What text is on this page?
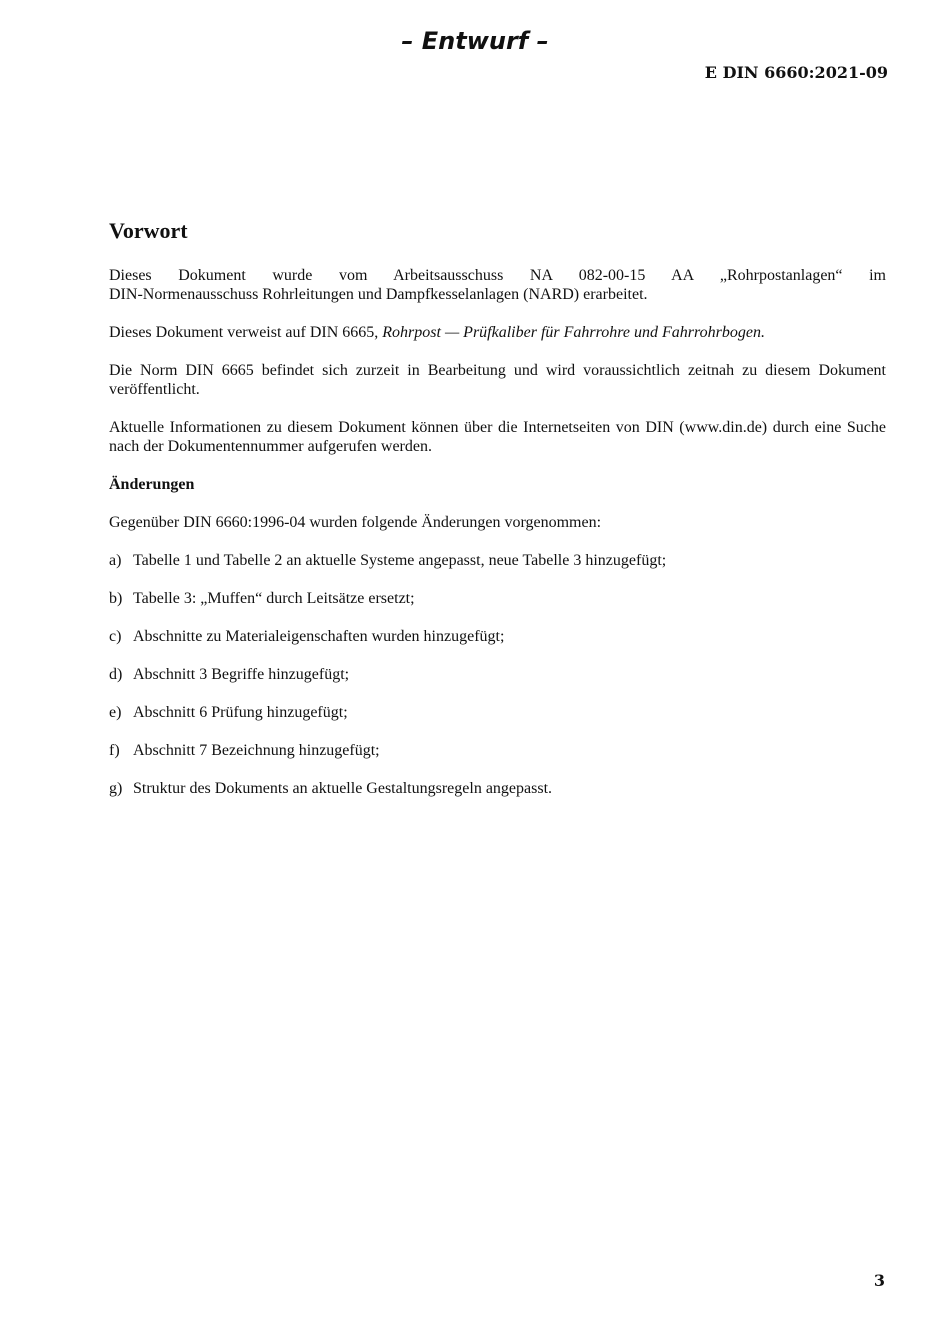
– Entwurf –
E DIN 6660:2021-09
Vorwort
Dieses Dokument wurde vom Arbeitsausschuss NA 082-00-15 AA „Rohrpostanlagen“ im
DIN-Normenausschuss Rohrleitungen und Dampfkesselanlagen (NARD) erarbeitet.

Dieses Dokument verweist auf DIN 6665, Rohrpost — Prüfkaliber für Fahrrohre und Fahrrohrbogen.

Die Norm DIN 6665 befindet sich zurzeit in Bearbeitung und wird voraussichtlich zeitnah zu diesem Dokument veröffentlicht.

Aktuelle Informationen zu diesem Dokument können über die Internetseiten von DIN (www.din.de) durch eine Suche nach der Dokumentennummer aufgerufen werden.

Änderungen

Gegenüber DIN 6660:1996-04 wurden folgende Änderungen vorgenommen:

a) Tabelle 1 und Tabelle 2 an aktuelle Systeme angepasst, neue Tabelle 3 hinzugefügt;
b) Tabelle 3: „Muffen“ durch Leitsätze ersetzt;
c) Abschnitte zu Materialeigenschaften wurden hinzugefügt;
d) Abschnitt 3 Begriffe hinzugefügt;
e) Abschnitt 6 Prüfung hinzugefügt;
f) Abschnitt 7 Bezeichnung hinzugefügt;
g) Struktur des Dokuments an aktuelle Gestaltungsregeln angepasst.
3
